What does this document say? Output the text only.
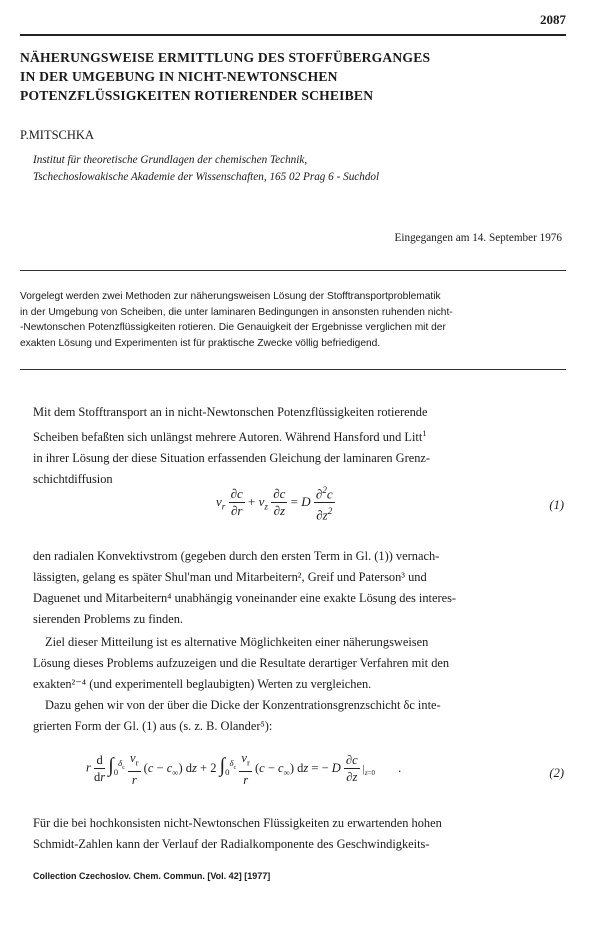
2087
NÄHERUNGSWEISE ERMITTLUNG DES STOFFÜBERGANGES
IN DER UMGEBUNG IN NICHT-NEWTONSCHEN
POTENZFLÜSSIGKEITEN ROTIERENDER SCHEIBEN
P.MITSCHKA
Institut für theoretische Grundlagen der chemischen Technik,
Tschechoslowakische Akademie der Wissenschaften, 165 02 Prag 6 - Suchdol
Eingegangen am 14. September 1976
Vorgelegt werden zwei Methoden zur näherungsweisen Lösung der Stofftransportproblematik
in der Umgebung von Scheiben, die unter laminaren Bedingungen in ansonsten ruhenden nicht-
-Newtonschen Potenzflüssigkeiten rotieren. Die Genauigkeit der Ergebnisse verglichen mit der
exakten Lösung und Experimenten ist für praktische Zwecke völlig befriedigend.
Mit dem Stofftransport an in nicht-Newtonschen Potenzflüssigkeiten rotierende
Scheiben befaßten sich unlängst mehrere Autoren. Während Hansford und Litt$^1$
in ihrer Lösung der diese Situation erfassenden Gleichung der laminaren Grenz-
schichtdiffusion
$v_r \frac{\partial c}{\partial r} + v_z \frac{\partial c}{\partial z} = D \frac{\partial^2c}{\partial z^2}$	(1)
den radialen Konvektivstrom (gegeben durch den ersten Term in Gl. (1)) vernach-
lässigten, gelang es später Shul'man und Mitarbeitern², Greif und Paterson³ und
Daguenet und Mitarbeitern⁴ unabhängig voneinander eine exakte Lösung des interes-
sierenden Problems zu finden.
Ziel dieser Mitteilung ist es alternative Möglichkeiten einer näherungsweisen
Lösung dieses Problems aufzuzeigen und die Resultate derartiger Verfahren mit den
exakten²⁻⁴ (und experimentell beglaubigten) Werten zu vergleichen.
Dazu gehen wir von der über die Dicke der Konzentrationsgrenzschicht δc inte-
grierten Form der Gl. (1) aus (s. z. B. Olander⁵):
r $\frac{d}{dr} \int_0^{\delta_c} \frac{v_r}{r} (c - c_\infty)$ dz + 2 $\int_0^{\delta_c} \frac{v_r}{r} (c - c_\infty)$ dz = − D $\frac{\partial c}{\partial z} |_{z=0}$ .	(2)
Für die bei hochkonsisten nicht-Newtonschen Flüssigkeiten zu erwartenden hohen
Schmidt-Zahlen kann der Verlauf der Radialkomponente des Geschwindigkeits-
Collection Czechoslov. Chem. Commun. [Vol. 42] [1977]
